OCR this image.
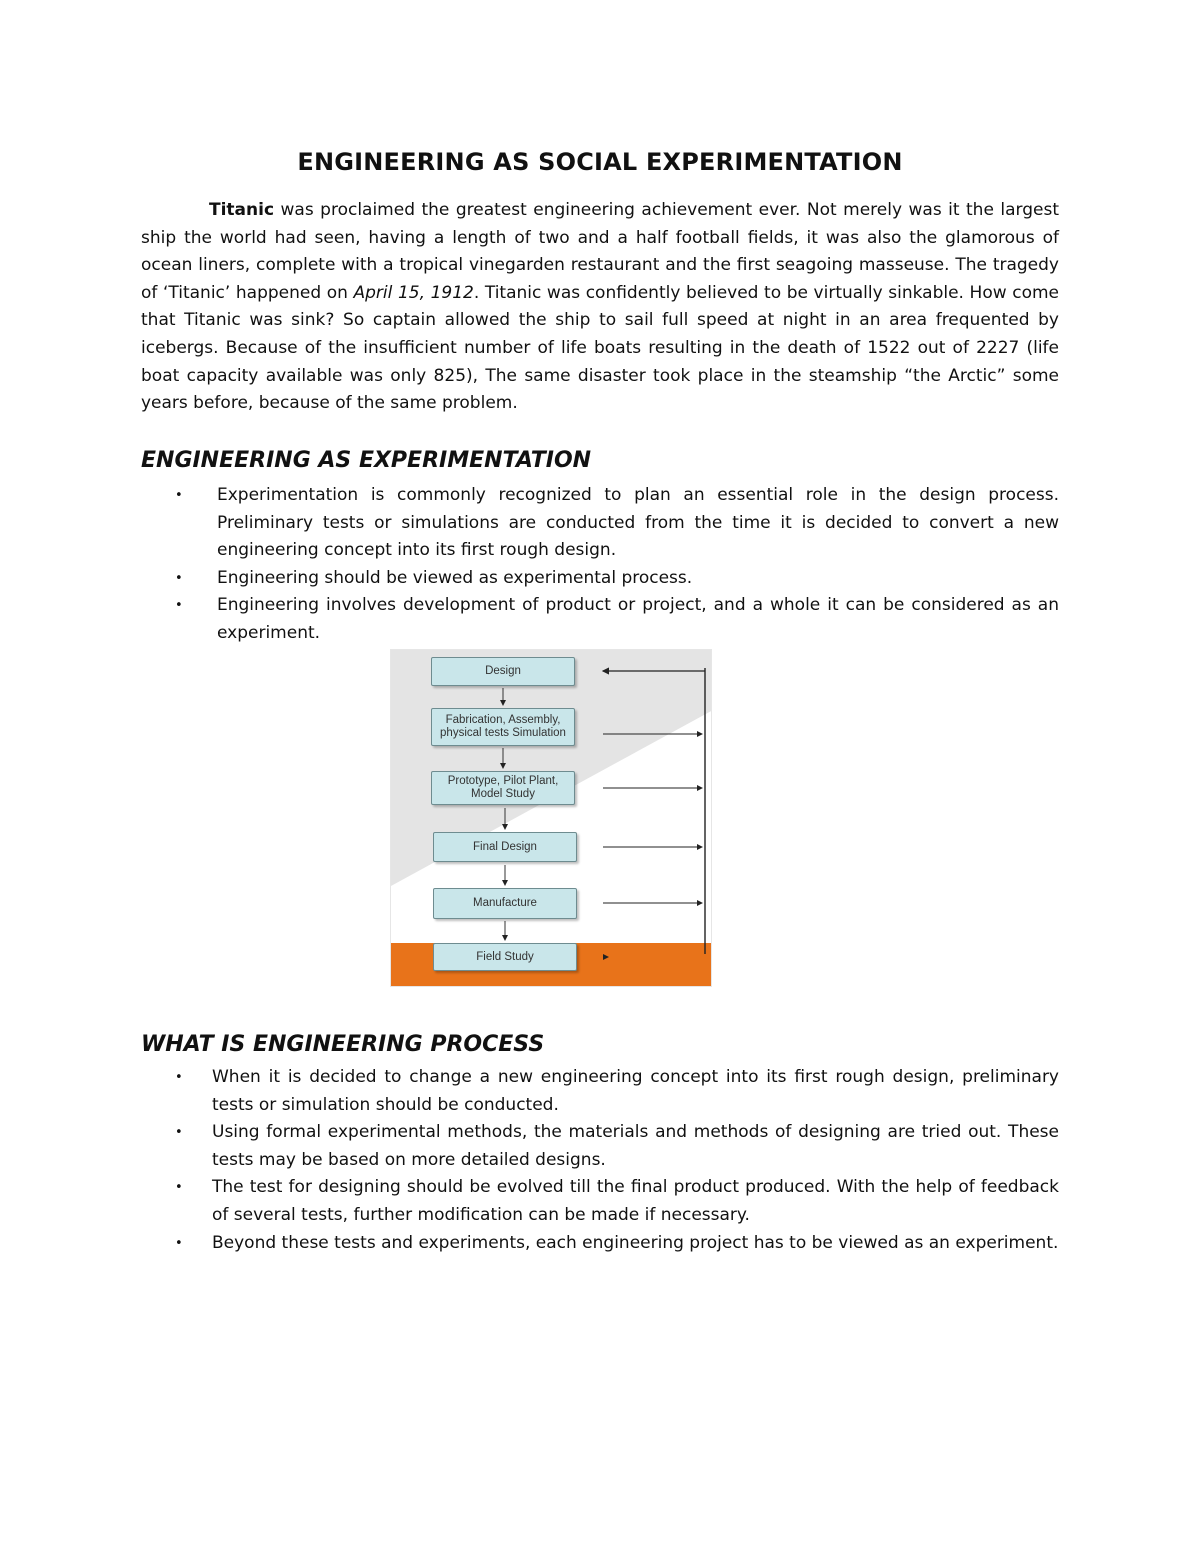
ENGINEERING AS SOCIAL EXPERIMENTATION

Titanic was proclaimed the greatest engineering achievement ever. Not merely was it the largest ship the world had seen, having a length of two and a half football fields, it was also the glamorous of ocean liners, complete with a tropical vinegarden restaurant and the first seagoing masseuse. The tragedy of ‘Titanic’ happened on April 15, 1912. Titanic was confidently believed to be virtually sinkable. How come that Titanic was sink? So captain allowed the ship to sail full speed at night in an area frequented by icebergs. Because of the insufficient number of life boats resulting in the death of 1522 out of 2227 (life boat capacity available was only 825), The same disaster took place in the steamship “the Arctic” some years before, because of the same problem.

ENGINEERING AS EXPERIMENTATION
• Experimentation is commonly recognized to plan an essential role in the design process. Preliminary tests or simulations are conducted from the time it is decided to convert a new engineering concept into its first rough design.
• Engineering should be viewed as experimental process.
• Engineering involves development of product or project, and a whole it can be considered as an experiment.
Design
Fabrication, Assembly, physical tests Simulation
Prototype, Pilot Plant, Model Study
Final Design
Manufacture
Field Study
WHAT IS ENGINEERING PROCESS
• When it is decided to change a new engineering concept into its first rough design, preliminary tests or simulation should be conducted.
• Using formal experimental methods, the materials and methods of designing are tried out. These tests may be based on more detailed designs.
• The test for designing should be evolved till the final product produced. With the help of feedback of several tests, further modification can be made if necessary.
• Beyond these tests and experiments, each engineering project has to be viewed as an experiment.
